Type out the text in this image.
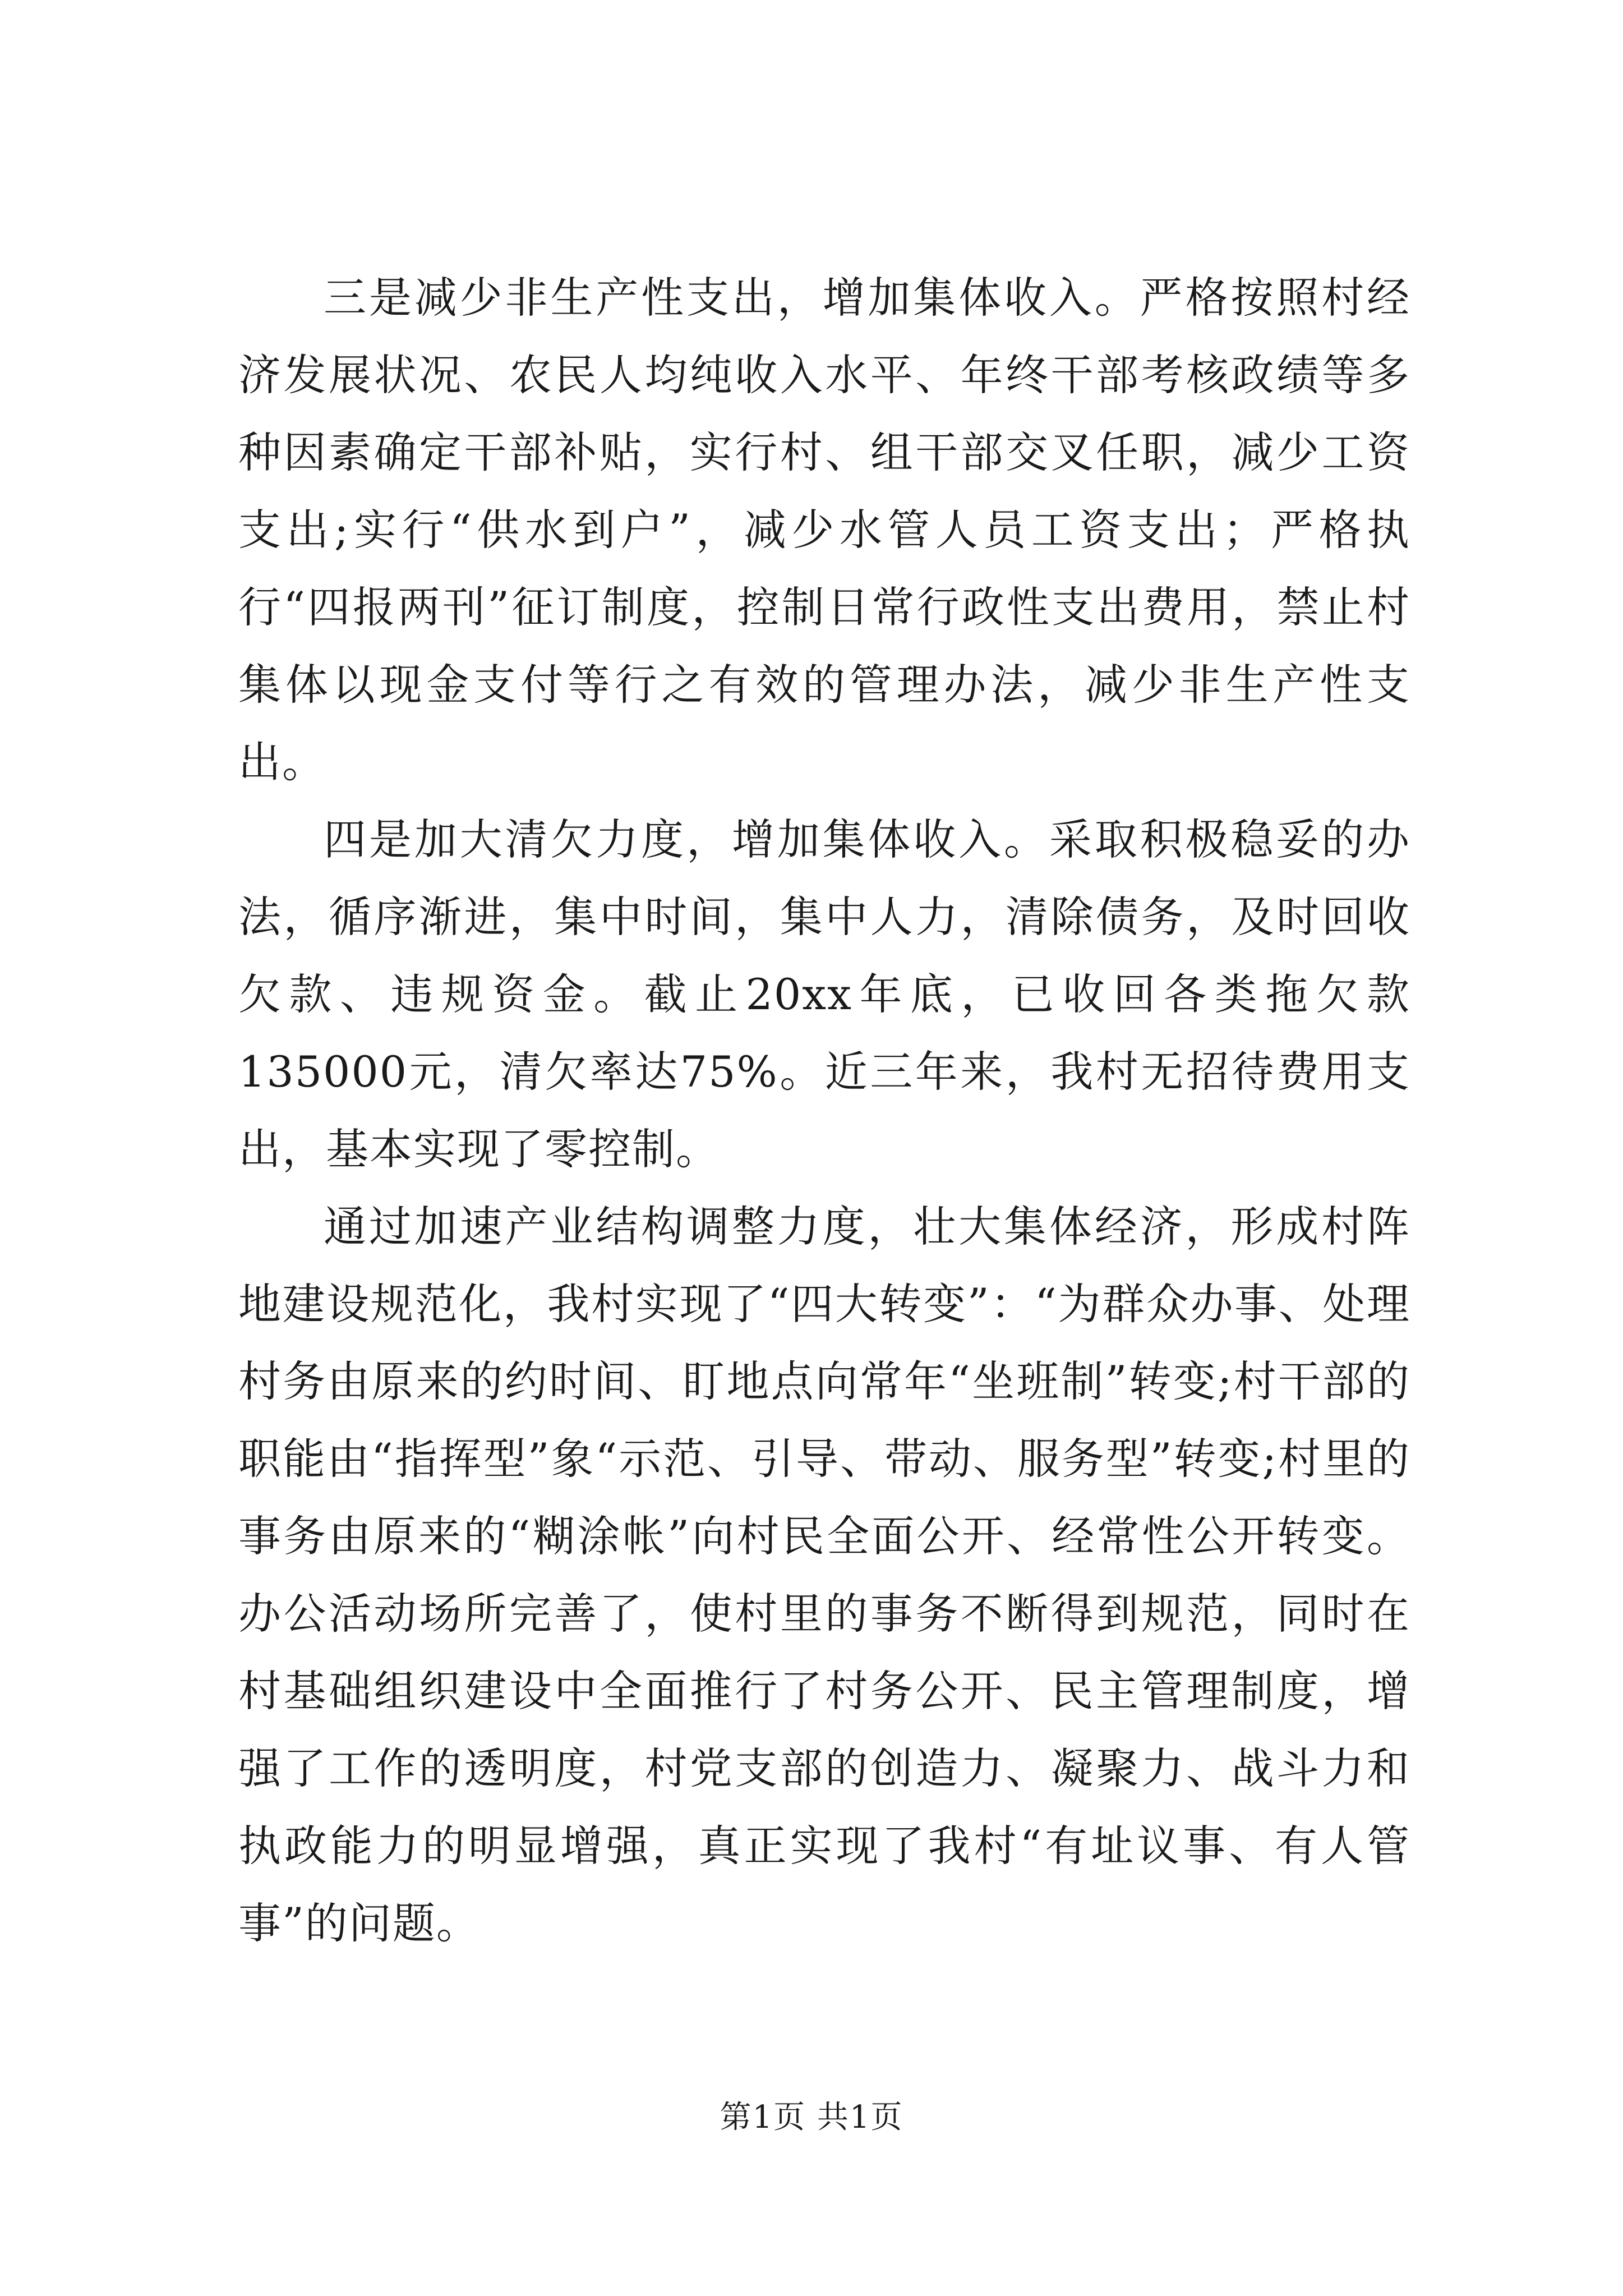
三是减少非生产性支出，增加集体收入。严格按照村经济发展状况、农民人均纯收入水平、年终干部考核政绩等多种因素确定干部补贴，实行村、组干部交叉任职，减少工资支出;实行“供水到户”，减少水管人员工资支出；严格执行“四报两刊”征订制度，控制日常行政性支出费用，禁止村集体以现金支付等行之有效的管理办法，减少非生产性支出。

四是加大清欠力度，增加集体收入。采取积极稳妥的办法，循序渐进，集中时间，集中人力，清除债务，及时回收欠款、违规资金。截止20xx年底，已收回各类拖欠款135000元，清欠率达75%。近三年来，我村无招待费用支出，基本实现了零控制。

通过加速产业结构调整力度，壮大集体经济，形成村阵地建设规范化，我村实现了“四大转变”：“为群众办事、处理村务由原来的约时间、盯地点向常年“坐班制”转变;村干部的职能由“指挥型”象“示范、引导、带动、服务型”转变;村里的事务由原来的“糊涂帐”向村民全面公开、经常性公开转变。办公活动场所完善了，使村里的事务不断得到规范，同时在村基础组织建设中全面推行了村务公开、民主管理制度，增强了工作的透明度，村党支部的创造力、凝聚力、战斗力和执政能力的明显增强，真正实现了我村“有址议事、有人管事”的问题。

第1页 共1页
